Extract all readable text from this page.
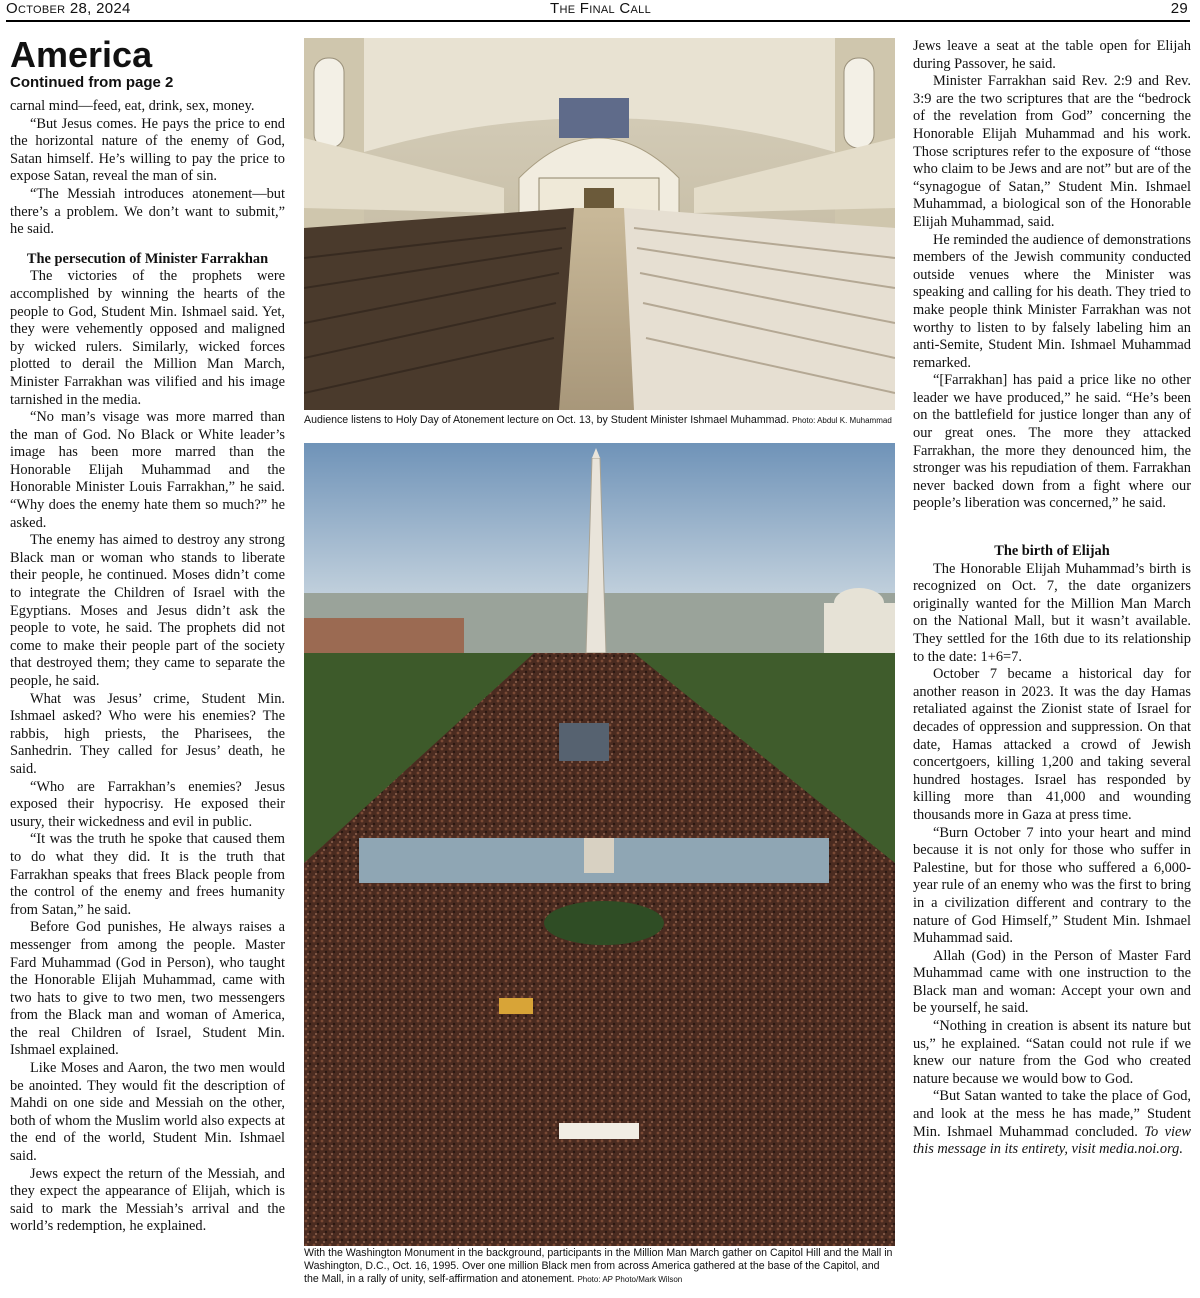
October 28, 2024	The Final Call	29
America
Continued from page 2

carnal mind—feed, eat, drink, sex, money.

“But Jesus comes. He pays the price to end the horizontal nature of the enemy of God, Satan himself. He’s willing to pay the price to expose Satan, reveal the man of sin.

“The Messiah introduces atonement—but there’s a problem. We don’t want to submit,” he said.

The persecution of Minister Farrakhan

The victories of the prophets were accomplished by winning the hearts of the people to God, Student Min. Ishmael said. Yet, they were vehemently opposed and maligned by wicked rulers. Similarly, wicked forces plotted to derail the Million Man March, Minister Farrakhan was vilified and his image tarnished in the media.

“No man’s visage was more marred than the man of God. No Black or White leader’s image has been more marred than the Honorable Elijah Muhammad and the Honorable Minister Louis Farrakhan,” he said. “Why does the enemy hate them so much?” he asked.

The enemy has aimed to destroy any strong Black man or woman who stands to liberate their people, he continued. Moses didn’t come to integrate the Children of Israel with the Egyptians. Moses and Jesus didn’t ask the people to vote, he said. The prophets did not come to make their people part of the society that destroyed them; they came to separate the people, he said.

What was Jesus’ crime, Student Min. Ishmael asked? Who were his enemies? The rabbis, high priests, the Pharisees, the Sanhedrin. They called for Jesus’ death, he said.

“Who are Farrakhan’s enemies? Jesus exposed their hypocrisy. He exposed their usury, their wickedness and evil in public.

“It was the truth he spoke that caused them to do what they did. It is the truth that Farrakhan speaks that frees Black people from the control of the enemy and frees humanity from Satan,” he said.

Before God punishes, He always raises a messenger from among the people. Master Fard Muhammad (God in Person), who taught the Honorable Elijah Muhammad, came with two hats to give to two men, two messengers from the Black man and woman of America, the real Children of Israel, Student Min. Ishmael explained.

Like Moses and Aaron, the two men would be anointed. They would fit the description of Mahdi on one side and Messiah on the other, both of whom the Muslim world also expects at the end of the world, Student Min. Ishmael said.

Jews expect the return of the Messiah, and they expect the appearance of Elijah, which is said to mark the Messiah’s arrival and the world’s redemption, he explained.

Audience listens to Holy Day of Atonement lecture on Oct. 13, by Student Minister Ishmael Muhammad. Photo: Abdul K. Muhammad
With the Washington Monument in the background, participants in the Million Man March gather on Capitol Hill and the Mall in Washington, D.C., Oct. 16, 1995. Over one million Black men from across America gathered at the base of the Capitol, and the Mall, in a rally of unity, self-affirmation and atonement. Photo: AP Photo/Mark Wilson

Jews leave a seat at the table open for Elijah during Passover, he said.

Minister Farrakhan said Rev. 2:9 and Rev. 3:9 are the two scriptures that are the “bedrock of the revelation from God” concerning the Honorable Elijah Muhammad and his work. Those scriptures refer to the exposure of “those who claim to be Jews and are not” but are of the “synagogue of Satan,” Student Min. Ishmael Muhammad, a biological son of the Honorable Elijah Muhammad, said.

He reminded the audience of demonstrations members of the Jewish community conducted outside venues where the Minister was speaking and calling for his death. They tried to make people think Minister Farrakhan was not worthy to listen to by falsely labeling him an anti-Semite, Student Min. Ishmael Muhammad remarked.

“[Farrakhan] has paid a price like no other leader we have produced,” he said. “He’s been on the battlefield for justice longer than any of our great ones. The more they attacked Farrakhan, the more they denounced him, the stronger was his repudiation of them. Farrakhan never backed down from a fight where our people’s liberation was concerned,” he said.

The birth of Elijah

The Honorable Elijah Muhammad’s birth is recognized on Oct. 7, the date organizers originally wanted for the Million Man March on the National Mall, but it wasn’t available. They settled for the 16th due to its relationship to the date: 1+6=7.

October 7 became a historical day for another reason in 2023. It was the day Hamas retaliated against the Zionist state of Israel for decades of oppression and suppression. On that date, Hamas attacked a crowd of Jewish concertgoers, killing 1,200 and taking several hundred hostages. Israel has responded by killing more than 41,000 and wounding thousands more in Gaza at press time.

“Burn October 7 into your heart and mind because it is not only for those who suffer in Palestine, but for those who suffered a 6,000-year rule of an enemy who was the first to bring in a civilization different and contrary to the nature of God Himself,” Student Min. Ishmael Muhammad said.

Allah (God) in the Person of Master Fard Muhammad came with one instruction to the Black man and woman: Accept your own and be yourself, he said.

“Nothing in creation is absent its nature but us,” he explained. “Satan could not rule if we knew our nature from the God who created nature because we would bow to God.

“But Satan wanted to take the place of God, and look at the mess he has made,” Student Min. Ishmael Muhammad concluded. To view this message in its entirety, visit media.noi.org.
